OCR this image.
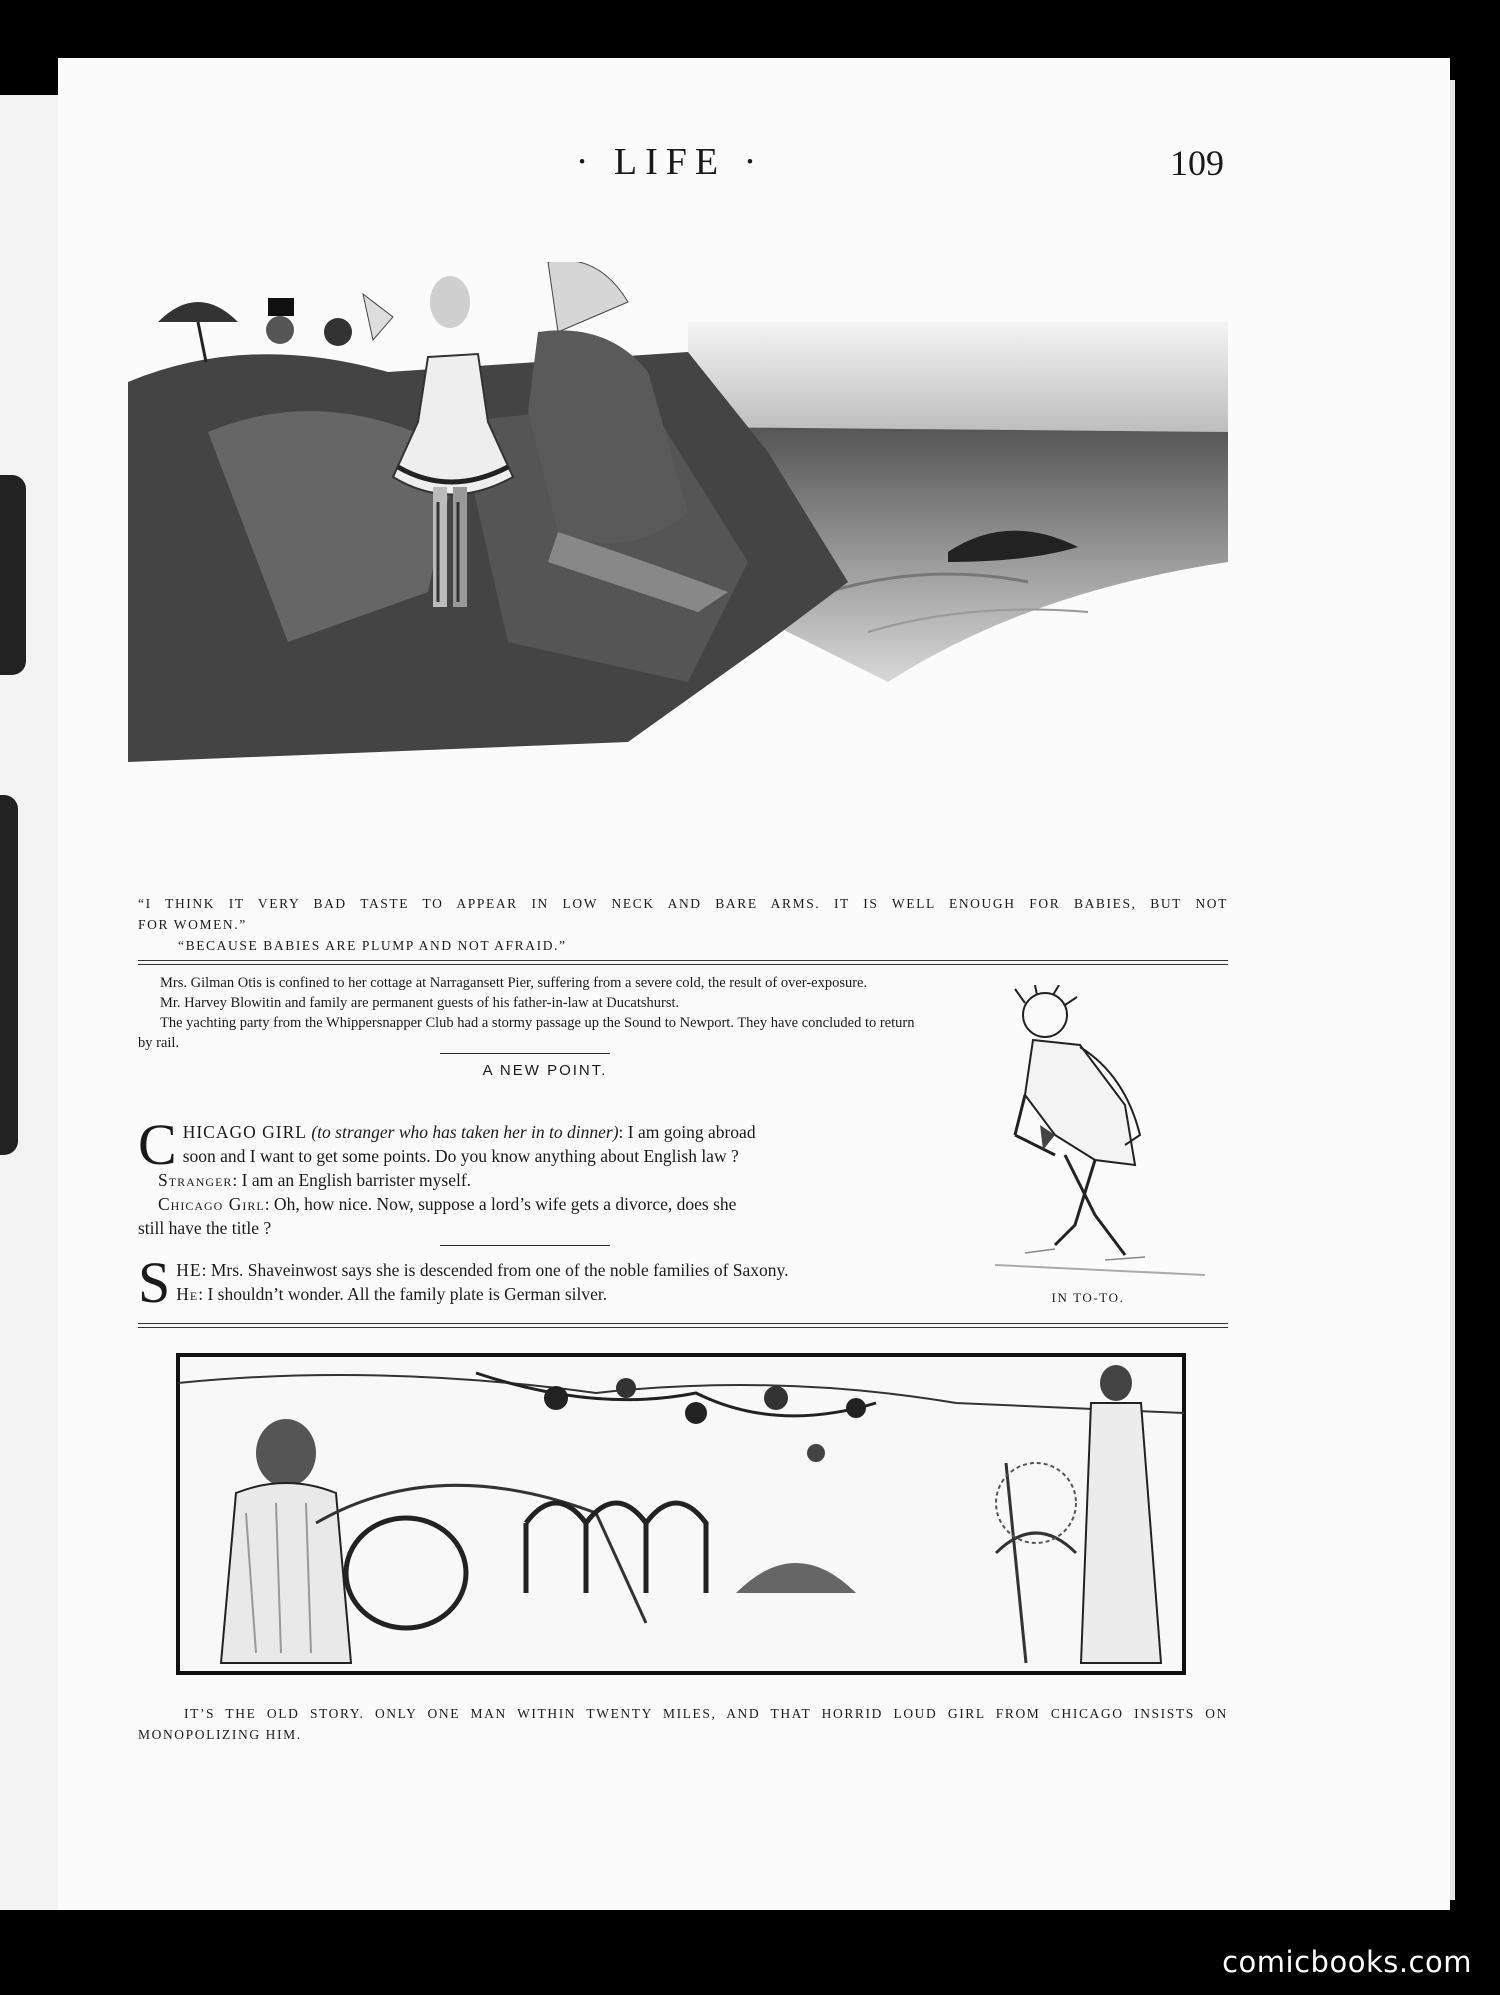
· LIFE ·	109
“I THINK IT VERY BAD TASTE TO APPEAR IN LOW NECK AND BARE ARMS. IT IS WELL ENOUGH FOR BABIES, BUT NOT
FOR WOMEN.”
“BECAUSE BABIES ARE PLUMP AND NOT AFRAID.”

Mrs. Gilman Otis is confined to her cottage at Narragansett Pier, suffering from a severe cold, the result of over-exposure.

Mr. Harvey Blowitin and family are permanent guests of his father-in-law at Ducatshurst.

The yachting party from the Whippersnapper Club had a stormy passage up the Sound to Newport. They have concluded to return by rail.

A NEW POINT.
C HICAGO GIRL (to stranger who has taken her in to dinner): I am going abroad
soon and I want to get some points. Do you know anything about English law ?
Stranger: I am an English barrister myself.
Chicago Girl: Oh, how nice. Now, suppose a lord’s wife gets a divorce, does she
still have the title ?
S HE: Mrs. Shaveinwost says she is descended from one of the noble families of Saxony.
He: I shouldn’t wonder. All the family plate is German silver.	IN TO-TO.
IT’S THE OLD STORY. ONLY ONE MAN WITHIN TWENTY MILES, AND THAT HORRID LOUD GIRL FROM CHICAGO INSISTS ON
MONOPOLIZING HIM.
comicbooks.com
